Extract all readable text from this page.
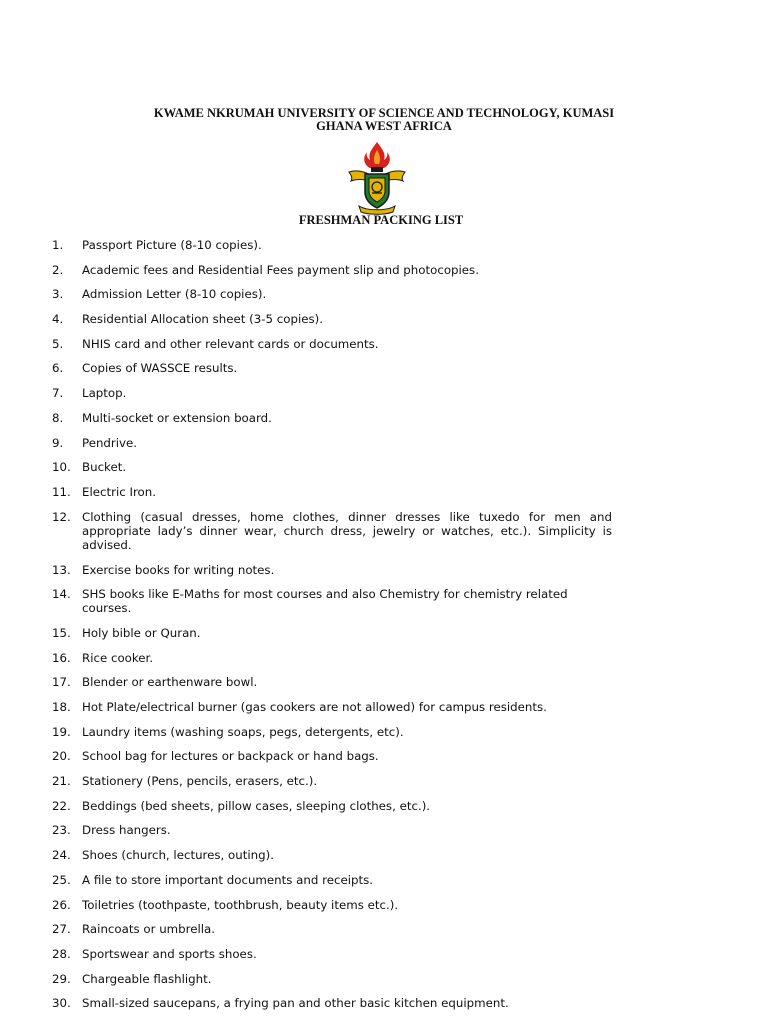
KWAME NKRUMAH UNIVERSITY OF SCIENCE AND TECHNOLOGY, KUMASI
GHANA WEST AFRICA
FRESHMAN PACKING LIST
1.	Passport Picture (8-10 copies).
2.	Academic fees and Residential Fees payment slip and photocopies.
3.	Admission Letter (8-10 copies).
4.	Residential Allocation sheet (3-5 copies).
5.	NHIS card and other relevant cards or documents.
6.	Copies of WASSCE results.
7.	Laptop.
8.	Multi-socket or extension board.
9.	Pendrive.
10. Bucket.
11. Electric Iron.
12. Clothing (casual dresses, home clothes, dinner dresses like tuxedo for men and appropriate lady’s dinner wear, church dress, jewelry or watches, etc.). Simplicity is advised.
13. Exercise books for writing notes.
14. SHS books like E-Maths for most courses and also Chemistry for chemistry related courses.
15. Holy bible or Quran.
16. Rice cooker.
17. Blender or earthenware bowl.
18. Hot Plate/electrical burner (gas cookers are not allowed) for campus residents.
19. Laundry items (washing soaps, pegs, detergents, etc).
20. School bag for lectures or backpack or hand bags.
21. Stationery (Pens, pencils, erasers, etc.).
22. Beddings (bed sheets, pillow cases, sleeping clothes, etc.).
23. Dress hangers.
24. Shoes (church, lectures, outing).
25. A file to store important documents and receipts.
26. Toiletries (toothpaste, toothbrush, beauty items etc.).
27. Raincoats or umbrella.
28. Sportswear and sports shoes.
29. Chargeable flashlight.
30. Small-sized saucepans, a frying pan and other basic kitchen equipment.
